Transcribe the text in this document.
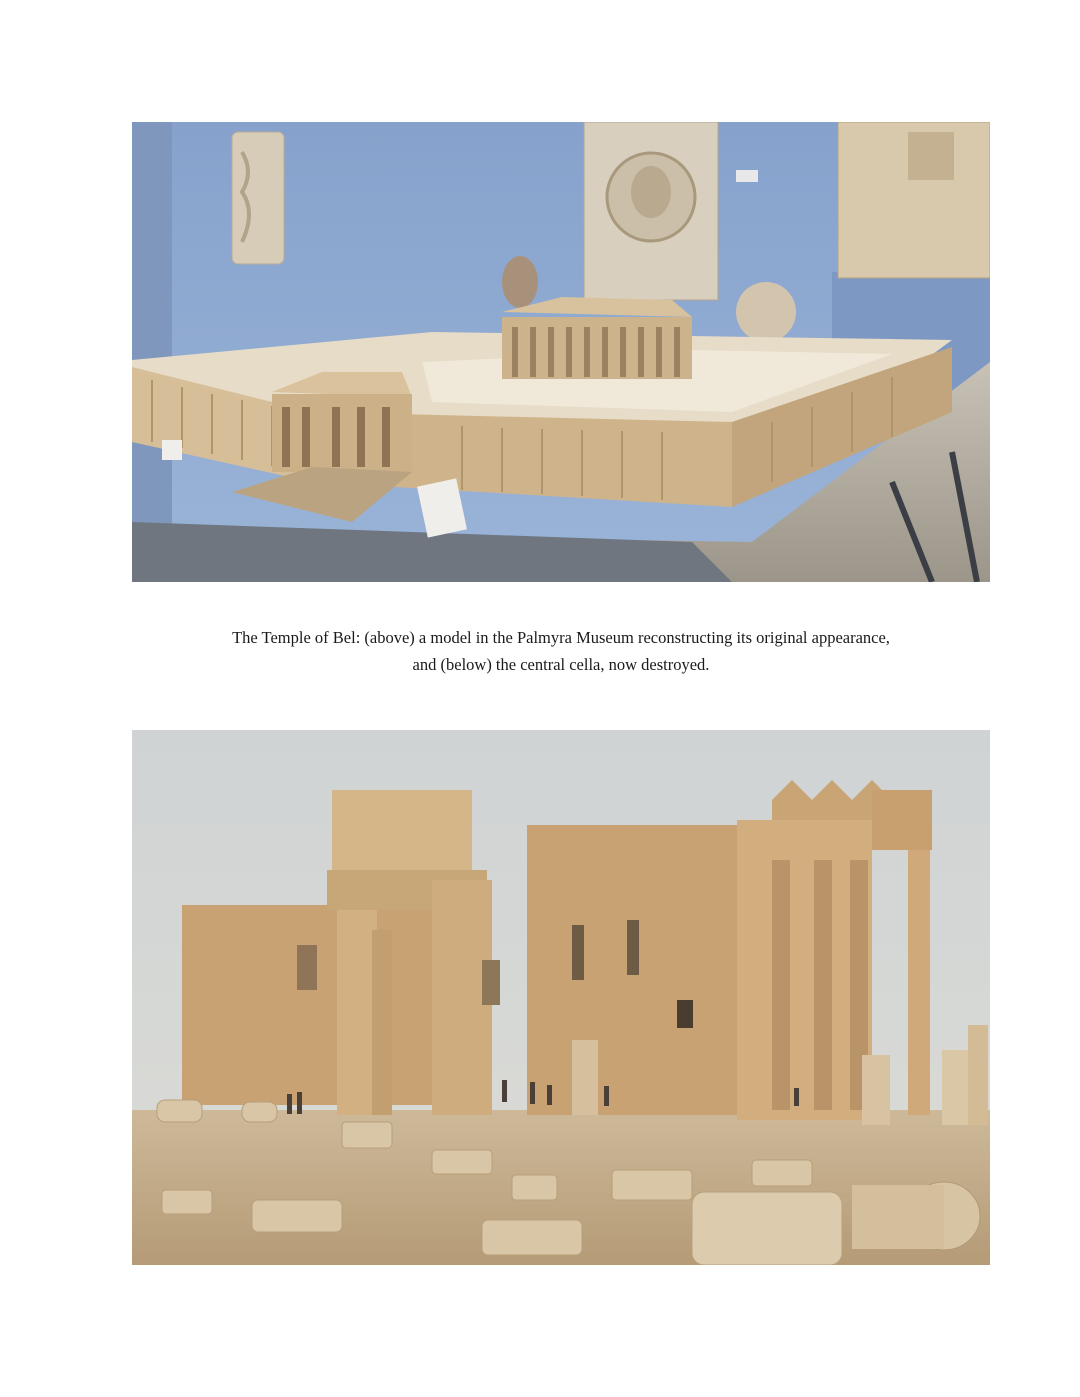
The Temple of Bel: (above) a model in the Palmyra Museum reconstructing its original appearance,
and (below) the central cella, now destroyed.
